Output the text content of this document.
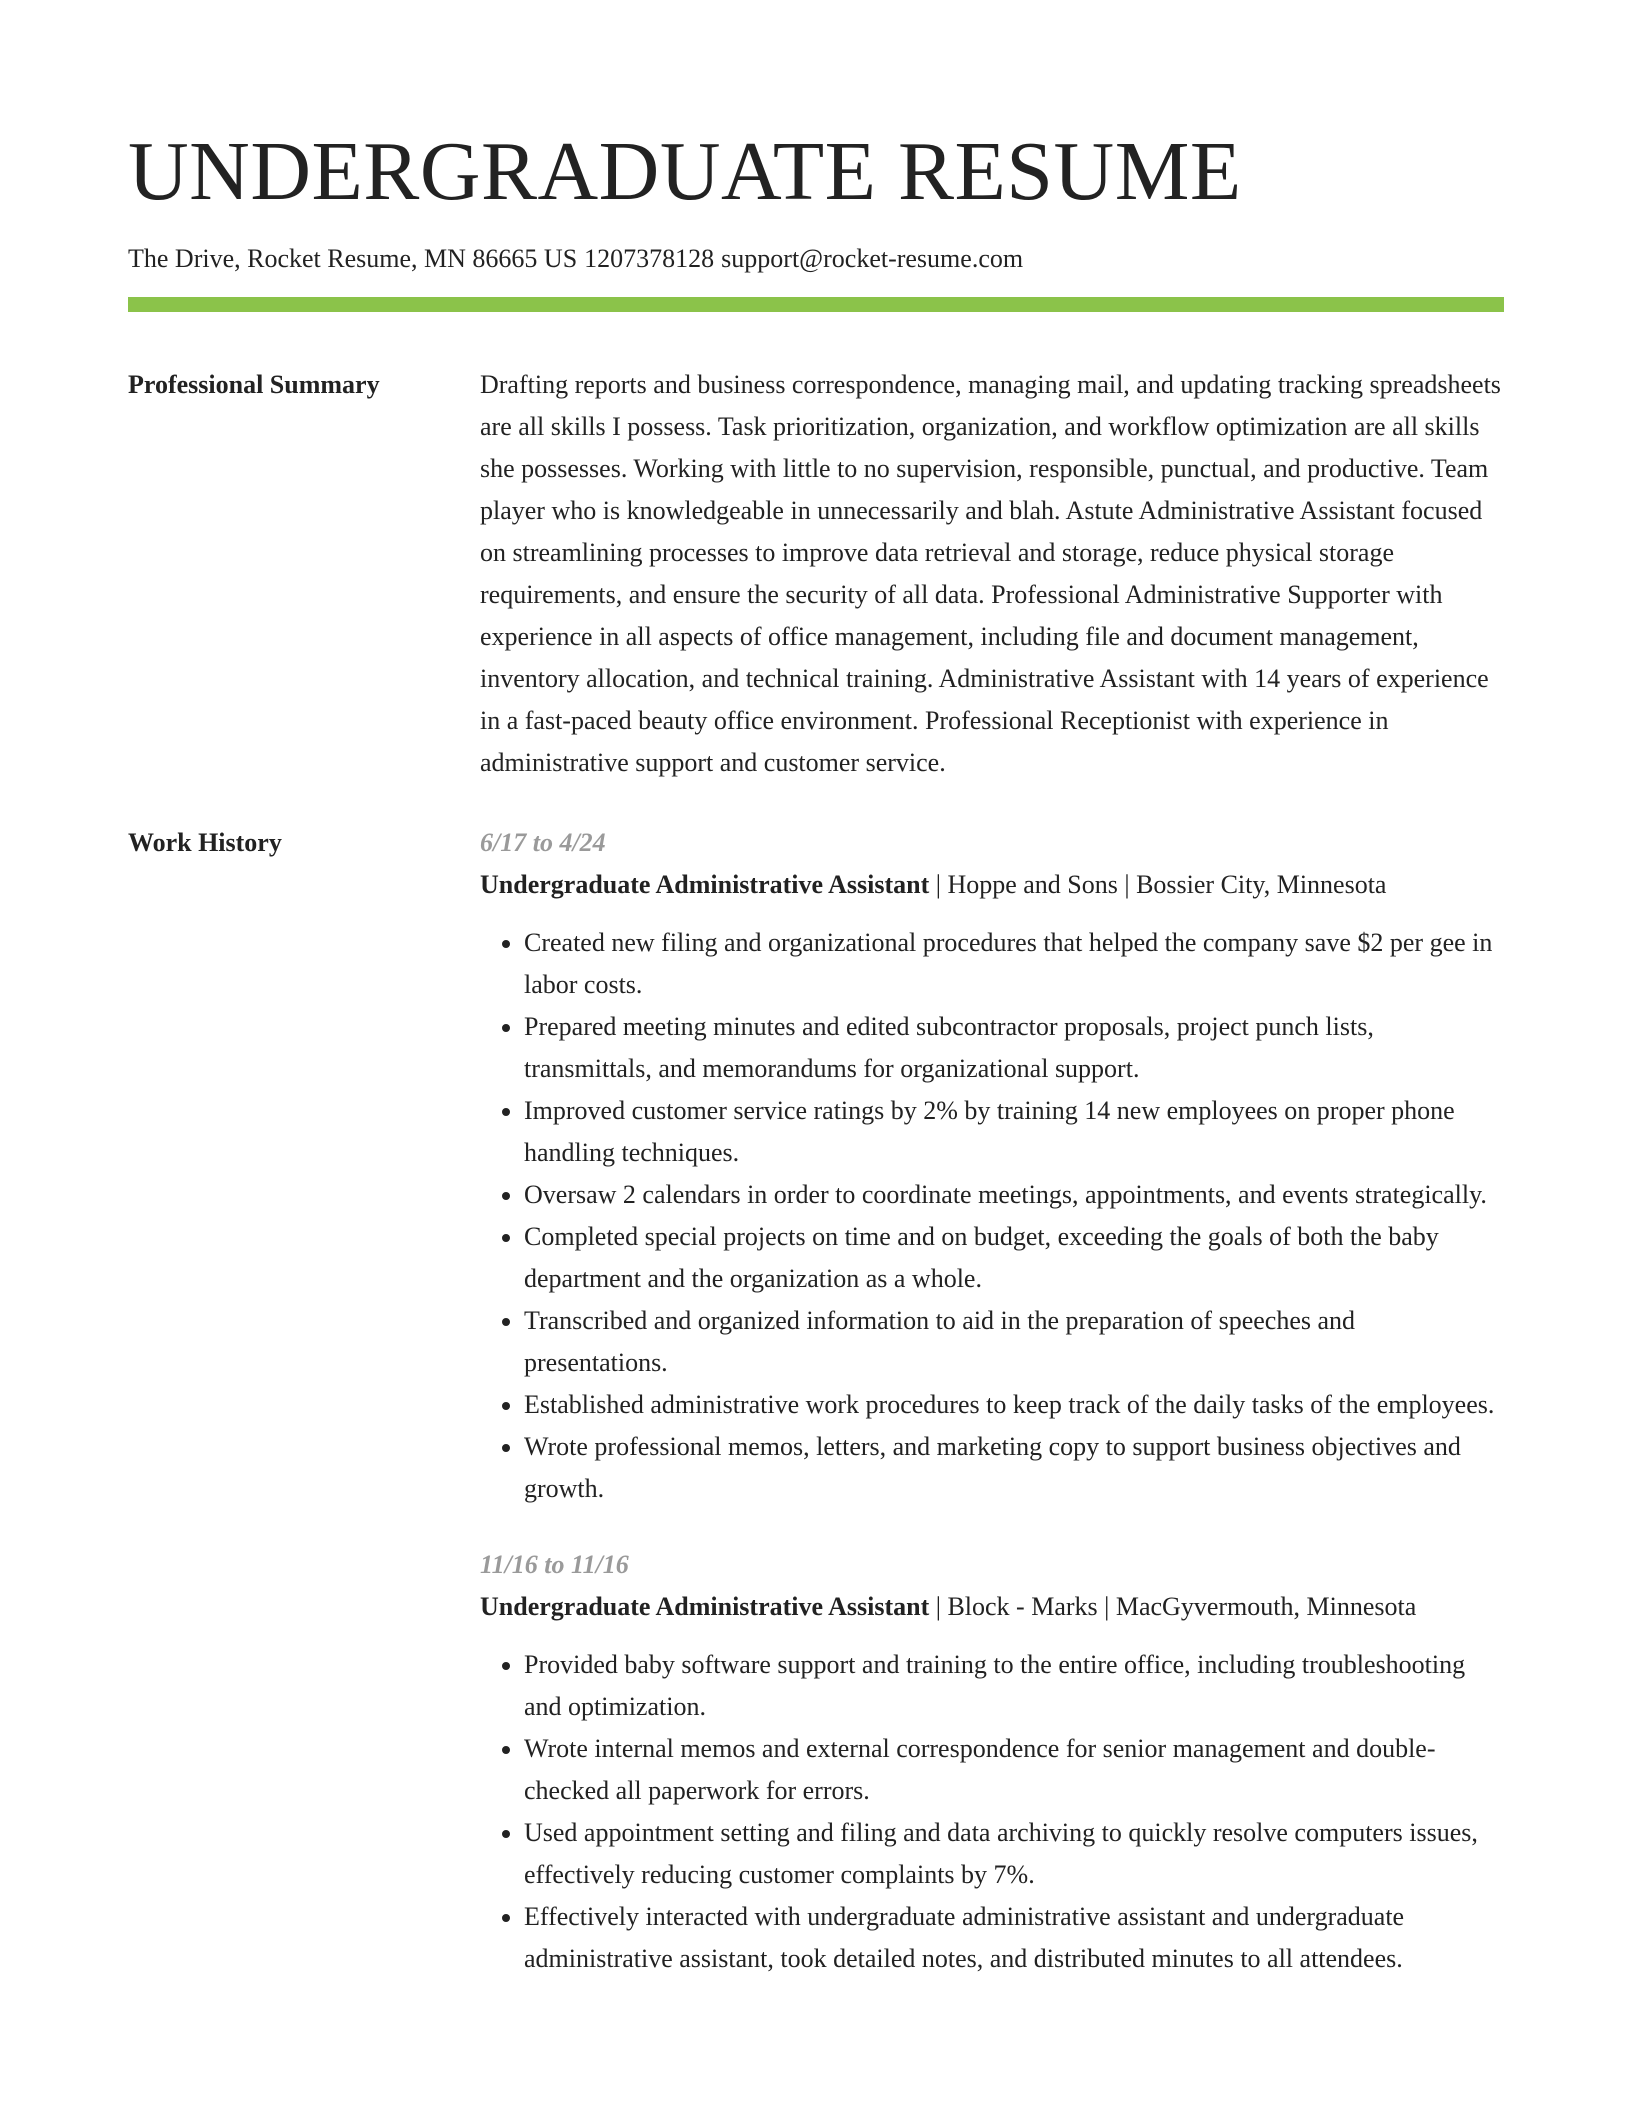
UNDERGRADUATE RESUME
The Drive, Rocket Resume, MN 86665 US 1207378128 support@rocket-resume.com
Professional Summary	Drafting reports and business correspondence, managing mail, and updating tracking spreadsheets are all skills I possess. Task prioritization, organization, and workflow optimization are all skills she possesses. Working with little to no supervision, responsible, punctual, and productive. Team player who is knowledgeable in unnecessarily and blah. Astute Administrative Assistant focused on streamlining processes to improve data retrieval and storage, reduce physical storage requirements, and ensure the security of all data. Professional Administrative Supporter with experience in all aspects of office management, including file and document management, inventory allocation, and technical training. Administrative Assistant with 14 years of experience in a fast-paced beauty office environment. Professional Receptionist with experience in administrative support and customer service.

Work History	6/17 to 4/24
Undergraduate Administrative Assistant | Hoppe and Sons | Bossier City, Minnesota
• Created new filing and organizational procedures that helped the company save $2 per gee in labor costs.
• Prepared meeting minutes and edited subcontractor proposals, project punch lists, transmittals, and memorandums for organizational support.
• Improved customer service ratings by 2% by training 14 new employees on proper phone handling techniques.
• Oversaw 2 calendars in order to coordinate meetings, appointments, and events strategically.
• Completed special projects on time and on budget, exceeding the goals of both the baby department and the organization as a whole.
• Transcribed and organized information to aid in the preparation of speeches and presentations.
• Established administrative work procedures to keep track of the daily tasks of the employees.
• Wrote professional memos, letters, and marketing copy to support business objectives and growth.
11/16 to 11/16
Undergraduate Administrative Assistant | Block - Marks | MacGyvermouth, Minnesota
• Provided baby software support and training to the entire office, including troubleshooting and optimization.
• Wrote internal memos and external correspondence for senior management and double-checked all paperwork for errors.
• Used appointment setting and filing and data archiving to quickly resolve computers issues, effectively reducing customer complaints by 7%.
• Effectively interacted with undergraduate administrative assistant and undergraduate administrative assistant, took detailed notes, and distributed minutes to all attendees.
